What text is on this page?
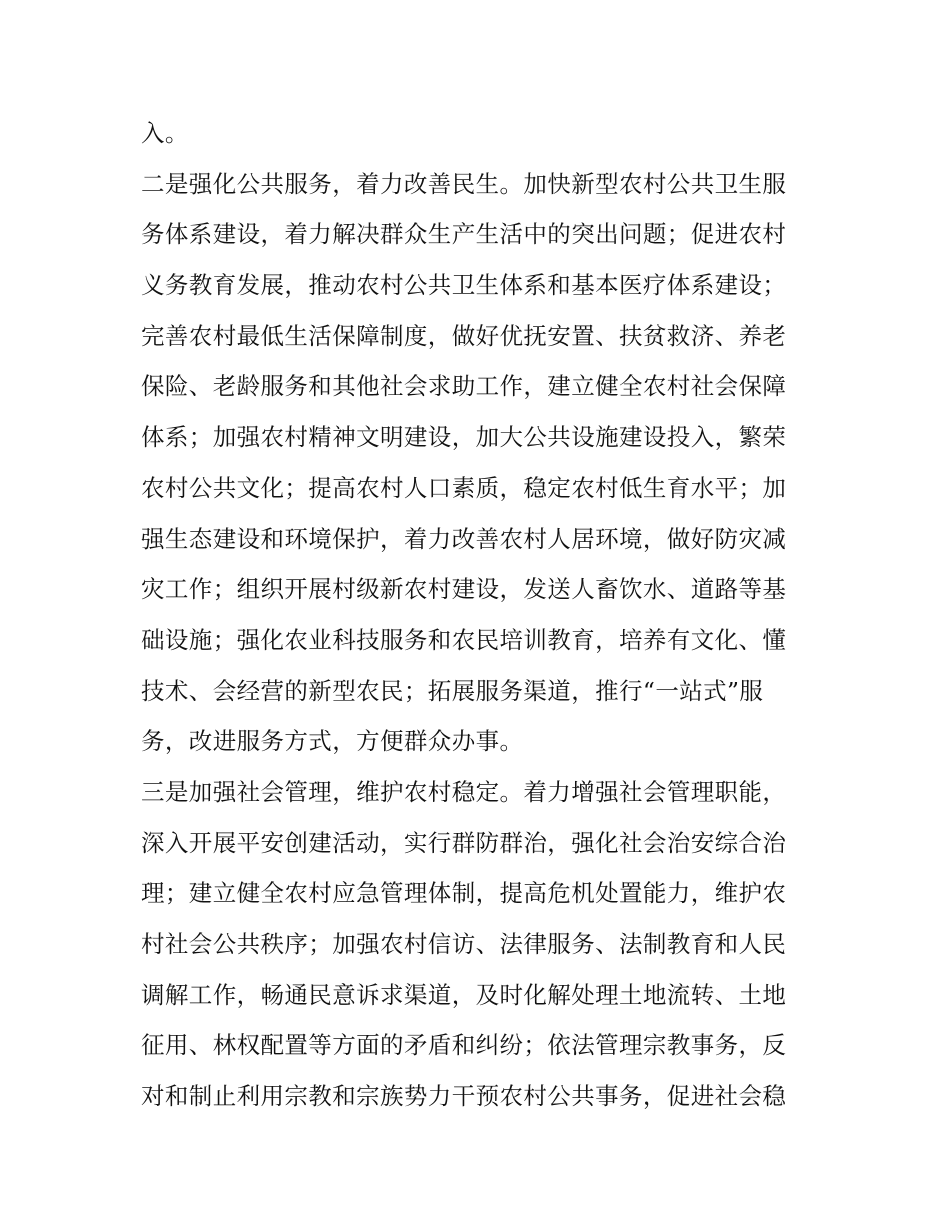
入。
二是强化公共服务，着力改善民生。加快新型农村公共卫生服
务体系建设，着力解决群众生产生活中的突出问题；促进农村
义务教育发展，推动农村公共卫生体系和基本医疗体系建设；
完善农村最低生活保障制度，做好优抚安置、扶贫救济、养老
保险、老龄服务和其他社会求助工作，建立健全农村社会保障
体系；加强农村精神文明建设，加大公共设施建设投入，繁荣
农村公共文化；提高农村人口素质，稳定农村低生育水平；加
强生态建设和环境保护，着力改善农村人居环境，做好防灾减
灾工作；组织开展村级新农村建设，发送人畜饮水、道路等基
础设施；强化农业科技服务和农民培训教育，培养有文化、懂
技术、会经营的新型农民；拓展服务渠道，推行“一站式”服
务，改进服务方式，方便群众办事。
三是加强社会管理，维护农村稳定。着力增强社会管理职能，
深入开展平安创建活动，实行群防群治，强化社会治安综合治
理；建立健全农村应急管理体制，提高危机处置能力，维护农
村社会公共秩序；加强农村信访、法律服务、法制教育和人民
调解工作，畅通民意诉求渠道，及时化解处理土地流转、土地
征用、林权配置等方面的矛盾和纠纷；依法管理宗教事务，反
对和制止利用宗教和宗族势力干预农村公共事务，促进社会稳
